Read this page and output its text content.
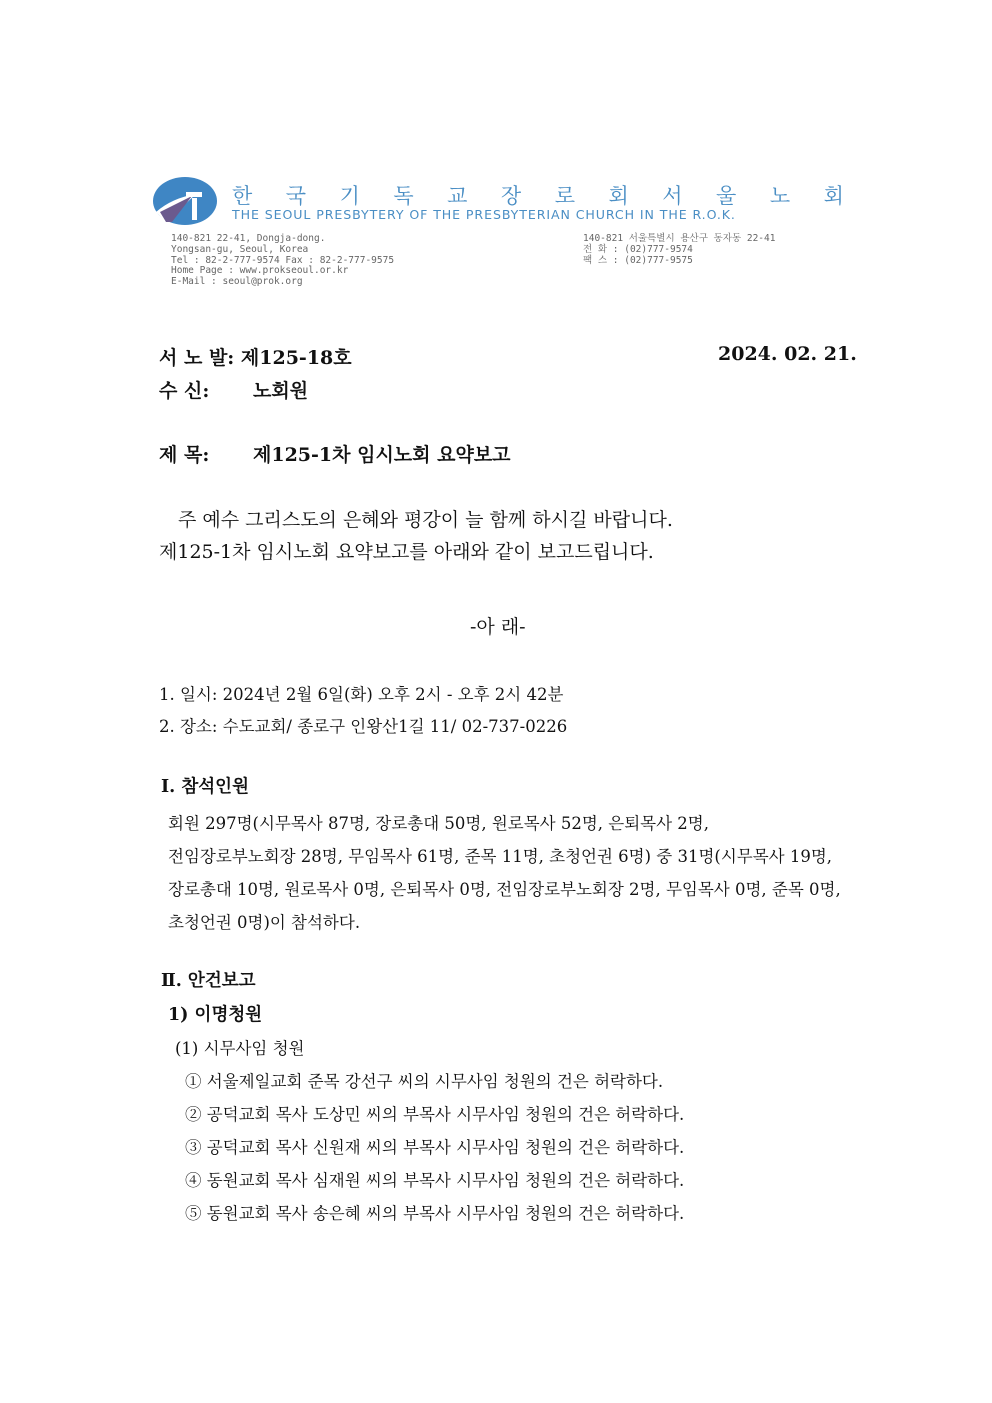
한 국 기 독 교 장 로 회 서 울 노 회
THE SEOUL PRESBYTERY OF THE PRESBYTERIAN CHURCH IN THE R.O.K.
140-821 22-41, Dongja-dong.
Yongsan-gu, Seoul, Korea
Tel : 82-2-777-9574 Fax : 82-2-777-9575
Home Page : www.prokseoul.or.kr
E-Mail : seoul@prok.org
140-821 서울특별시 용산구 동자동 22-41
전 화 : (02)777-9574
팩 스 : (02)777-9575
서 노 발: 제125-18호	2024. 02. 21.
수 신: 노회원
제 목: 제125-1차 임시노회 요약보고
주 예수 그리스도의 은혜와 평강이 늘 함께 하시길 바랍니다.
제125-1차 임시노회 요약보고를 아래와 같이 보고드립니다.
-아 래-
1. 일시: 2024년 2월 6일(화) 오후 2시 - 오후 2시 42분
2. 장소: 수도교회/ 종로구 인왕산1길 11/ 02-737-0226
Ⅰ. 참석인원
회원 297명(시무목사 87명, 장로총대 50명, 원로목사 52명, 은퇴목사 2명,
전임장로부노회장 28명, 무임목사 61명, 준목 11명, 초청언권 6명) 중 31명(시무목사 19명,
장로총대 10명, 원로목사 0명, 은퇴목사 0명, 전임장로부노회장 2명, 무임목사 0명, 준목 0명,
초청언권 0명)이 참석하다.
Ⅱ. 안건보고
1) 이명청원
(1) 시무사임 청원
① 서울제일교회 준목 강선구 씨의 시무사임 청원의 건은 허락하다.
② 공덕교회 목사 도상민 씨의 부목사 시무사임 청원의 건은 허락하다.
③ 공덕교회 목사 신원재 씨의 부목사 시무사임 청원의 건은 허락하다.
④ 동원교회 목사 심재원 씨의 부목사 시무사임 청원의 건은 허락하다.
⑤ 동원교회 목사 송은혜 씨의 부목사 시무사임 청원의 건은 허락하다.
